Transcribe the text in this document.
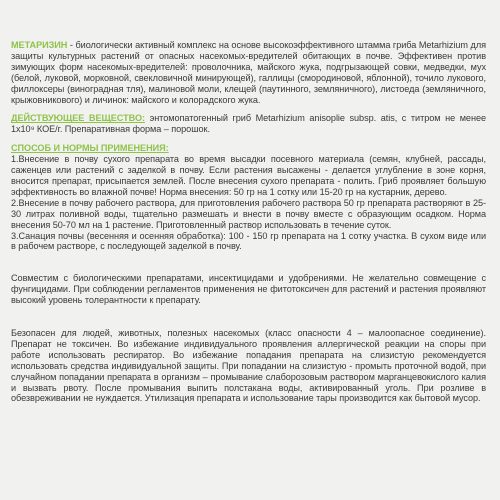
МЕТАРИЗИН - биологически активный комплекс на основе высокоэффективного штамма гриба Metarhizium для защиты культурных растений от опасных насекомых-вредителей обитающих в почве. Эффективен против зимующих форм насекомых-вредителей: проволочника, майского жука, подгрызающей совки, медведки, мух (белой, луковой, морковной, свекловичной минирующей), галлицы (смородиновой, яблонной), точило лукового, филлоксеры (виноградная тля), малиновой моли, клещей (паутинного, земляничного), листоеда (земляничного, крыжовникового) и личинок: майского и колорадского жука.

ДЕЙСТВУЮЩЕЕ ВЕЩЕСТВО: энтомопатогенный гриб Metarhizium anisoplie subsp. atis, с титром не менее 1х10⁹ КОЕ/г. Препаративная форма – порошок.

СПОСОБ И НОРМЫ ПРИМЕНЕНИЯ:

1.Внесение в почву сухого препарата во время высадки посевного материала (семян, клубней, рассады, саженцев или растений с заделкой в почву. Если растения высажены - делается углубление в зоне корня, вносится препарат, присыпается землей. После внесения сухого препарата - полить. Гриб проявляет большую эффективность во влажной почве! Норма внесения: 50 гр на 1 сотку или 15-20 гр на кустарник, дерево.

2.Внесение в почву рабочего раствора, для приготовления рабочего раствора 50 гр препарата растворяют в 25-30 литрах поливной воды, тщательно размешать и внести в почву вместе с образующим осадком. Норма внесения 50-70 мл на 1 растение. Приготовленный раствор использовать в течение суток.

3.Санация почвы (весенняя и осенняя обработка): 100 - 150 гр препарата на 1 сотку участка. В сухом виде или в рабочем растворе, с последующей заделкой в почву.

Совместим с биологическими препаратами, инсектицидами и удобрениями. Не желательно совмещение с фунгицидами. При соблюдении регламентов применения не фитотоксичен для растений и растения проявляют высокий уровень толерантности к препарату.

Безопасен для людей, животных, полезных насекомых (класс опасности 4 – малоопасное соединение). Препарат не токсичен. Во избежание индивидуального проявления аллергической реакции на споры при работе использовать респиратор. Во избежание попадания препарата на слизистую рекомендуется использовать средства индивидуальной защиты. При попадании на слизистую - промыть проточной водой, при случайном попадании препарата в организм – промывание слаборозовым раствором марганцевокислого калия и вызвать рвоту. После промывания выпить полстакана воды, активированный уголь. При розливе в обезвреживании не нуждается. Утилизация препарата и использование тары производится как бытовой мусор.
